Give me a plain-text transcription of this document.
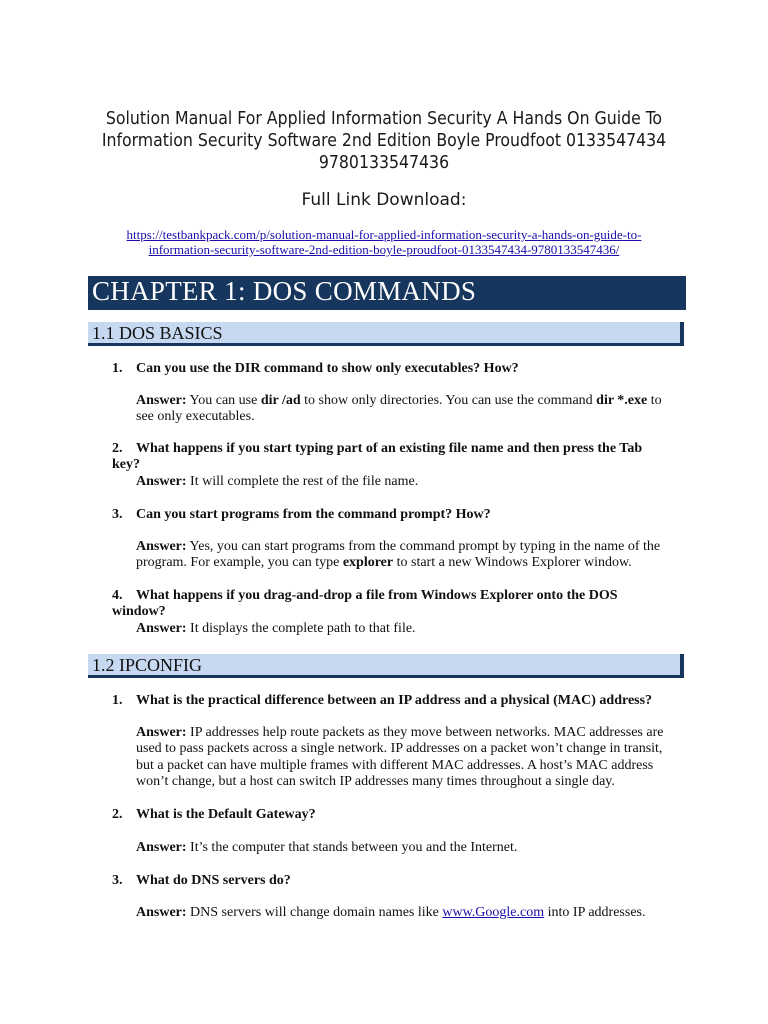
Solution Manual For Applied Information Security A Hands On Guide To
Information Security Software 2nd Edition Boyle Proudfoot 0133547434
9780133547436
Full Link Download:
https://testbankpack.com/p/solution-manual-for-applied-information-security-a-hands-on-guide-to-
information-security-software-2nd-edition-boyle-proudfoot-0133547434-9780133547436/
CHAPTER 1: DOS COMMANDS
1.1 DOS BASICS
1. Can you use the DIR command to show only executables? How?
Answer: You can use dir /ad to show only directories. You can use the command dir *.exe to see only executables.
2. What happens if you start typing part of an existing file name and then press the Tab key?
Answer: It will complete the rest of the file name.
3. Can you start programs from the command prompt? How?
Answer: Yes, you can start programs from the command prompt by typing in the name of the program. For example, you can type explorer to start a new Windows Explorer window.
4. What happens if you drag-and-drop a file from Windows Explorer onto the DOS window?
Answer: It displays the complete path to that file.
1.2 IPCONFIG
1. What is the practical difference between an IP address and a physical (MAC) address?
Answer: IP addresses help route packets as they move between networks. MAC addresses are used to pass packets across a single network. IP addresses on a packet won’t change in transit, but a packet can have multiple frames with different MAC addresses. A host’s MAC address won’t change, but a host can switch IP addresses many times throughout a single day.
2. What is the Default Gateway?
Answer: It’s the computer that stands between you and the Internet.
3. What do DNS servers do?
Answer: DNS servers will change domain names like www.Google.com into IP addresses.
